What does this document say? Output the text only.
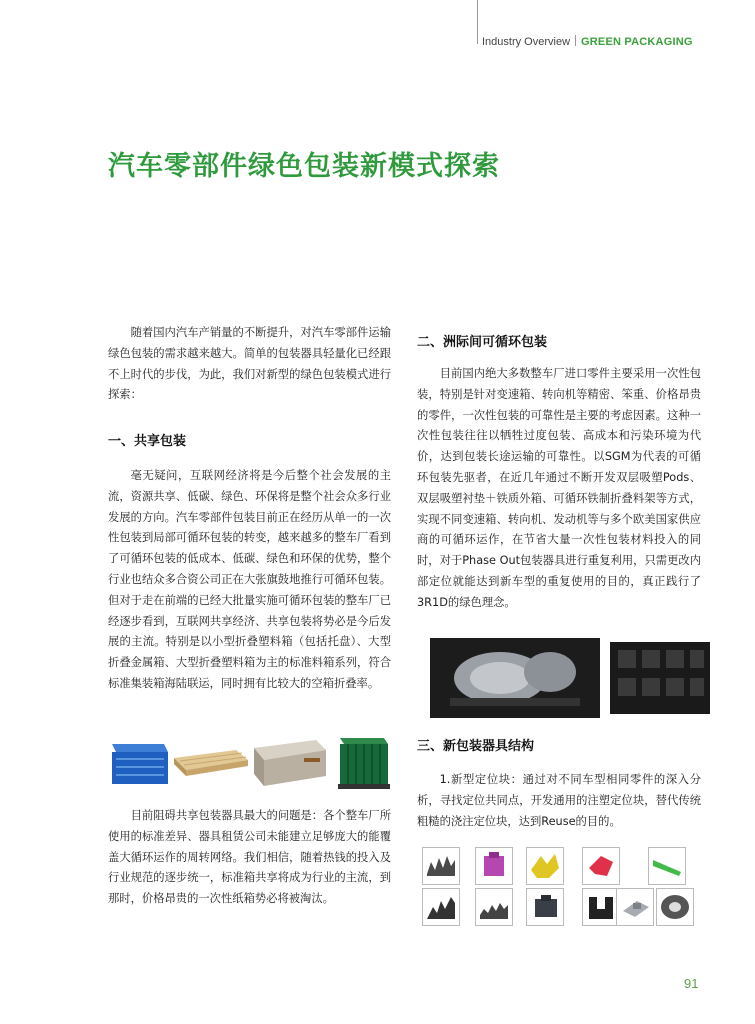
Industry Overview GREEN PACKAGING
汽车零部件绿色包装新模式探索

随着国内汽车产销量的不断提升，对汽车零部件运输绿色包装的需求越来越大。简单的包装器具轻量化已经跟不上时代的步伐，为此，我们对新型的绿色包装模式进行探索：

一、共享包装

毫无疑问，互联网经济将是今后整个社会发展的主流，资源共享、低碳、绿色、环保将是整个社会众多行业发展的方向。汽车零部件包装目前正在经历从单一的一次性包装到局部可循环包装的转变，越来越多的整车厂看到了可循环包装的低成本、低碳、绿色和环保的优势，整个行业也结众多合资公司正在大张旗鼓地推行可循环包装。但对于走在前端的已经大批量实施可循环包装的整车厂已经逐步看到，互联网共享经济、共享包装将势必是今后发展的主流。特别是以小型折叠塑料箱（包括托盘）、大型折叠金属箱、大型折叠塑料箱为主的标准料箱系列，符合标准集装箱海陆联运，同时拥有比较大的空箱折叠率。

目前阻碍共享包装器具最大的问题是：各个整车厂所使用的标准差异、器具租赁公司未能建立足够庞大的能覆盖大循环运作的周转网络。我们相信，随着热钱的投入及行业规范的逐步统一，标准箱共享将成为行业的主流，到那时，价格昂贵的一次性纸箱势必将被淘汰。

二、洲际间可循环包装

目前国内绝大多数整车厂进口零件主要采用一次性包装，特别是针对变速箱、转向机等精密、笨重、价格昂贵的零件，一次性包装的可靠性是主要的考虑因素。这种一次性包装往往以牺牲过度包装、高成本和污染环境为代价，达到包装长途运输的可靠性。以SGM为代表的可循环包装先驱者，在近几年通过不断开发双层吸塑Pods、双层吸塑衬垫＋铁质外箱、可循环铁制折叠料架等方式，实现不同变速箱、转向机、发动机等与多个欧美国家供应商的可循环运作，在节省大量一次性包装材料投入的同时，对于Phase Out包装器具进行重复利用，只需更改内部定位就能达到新车型的重复使用的目的，真正践行了3R1D的绿色理念。

三、新包装器具结构

1.新型定位块：通过对不同车型相同零件的深入分析，寻找定位共同点，开发通用的注塑定位块，替代传统粗糙的浇注定位块，达到Reuse的目的。

91
